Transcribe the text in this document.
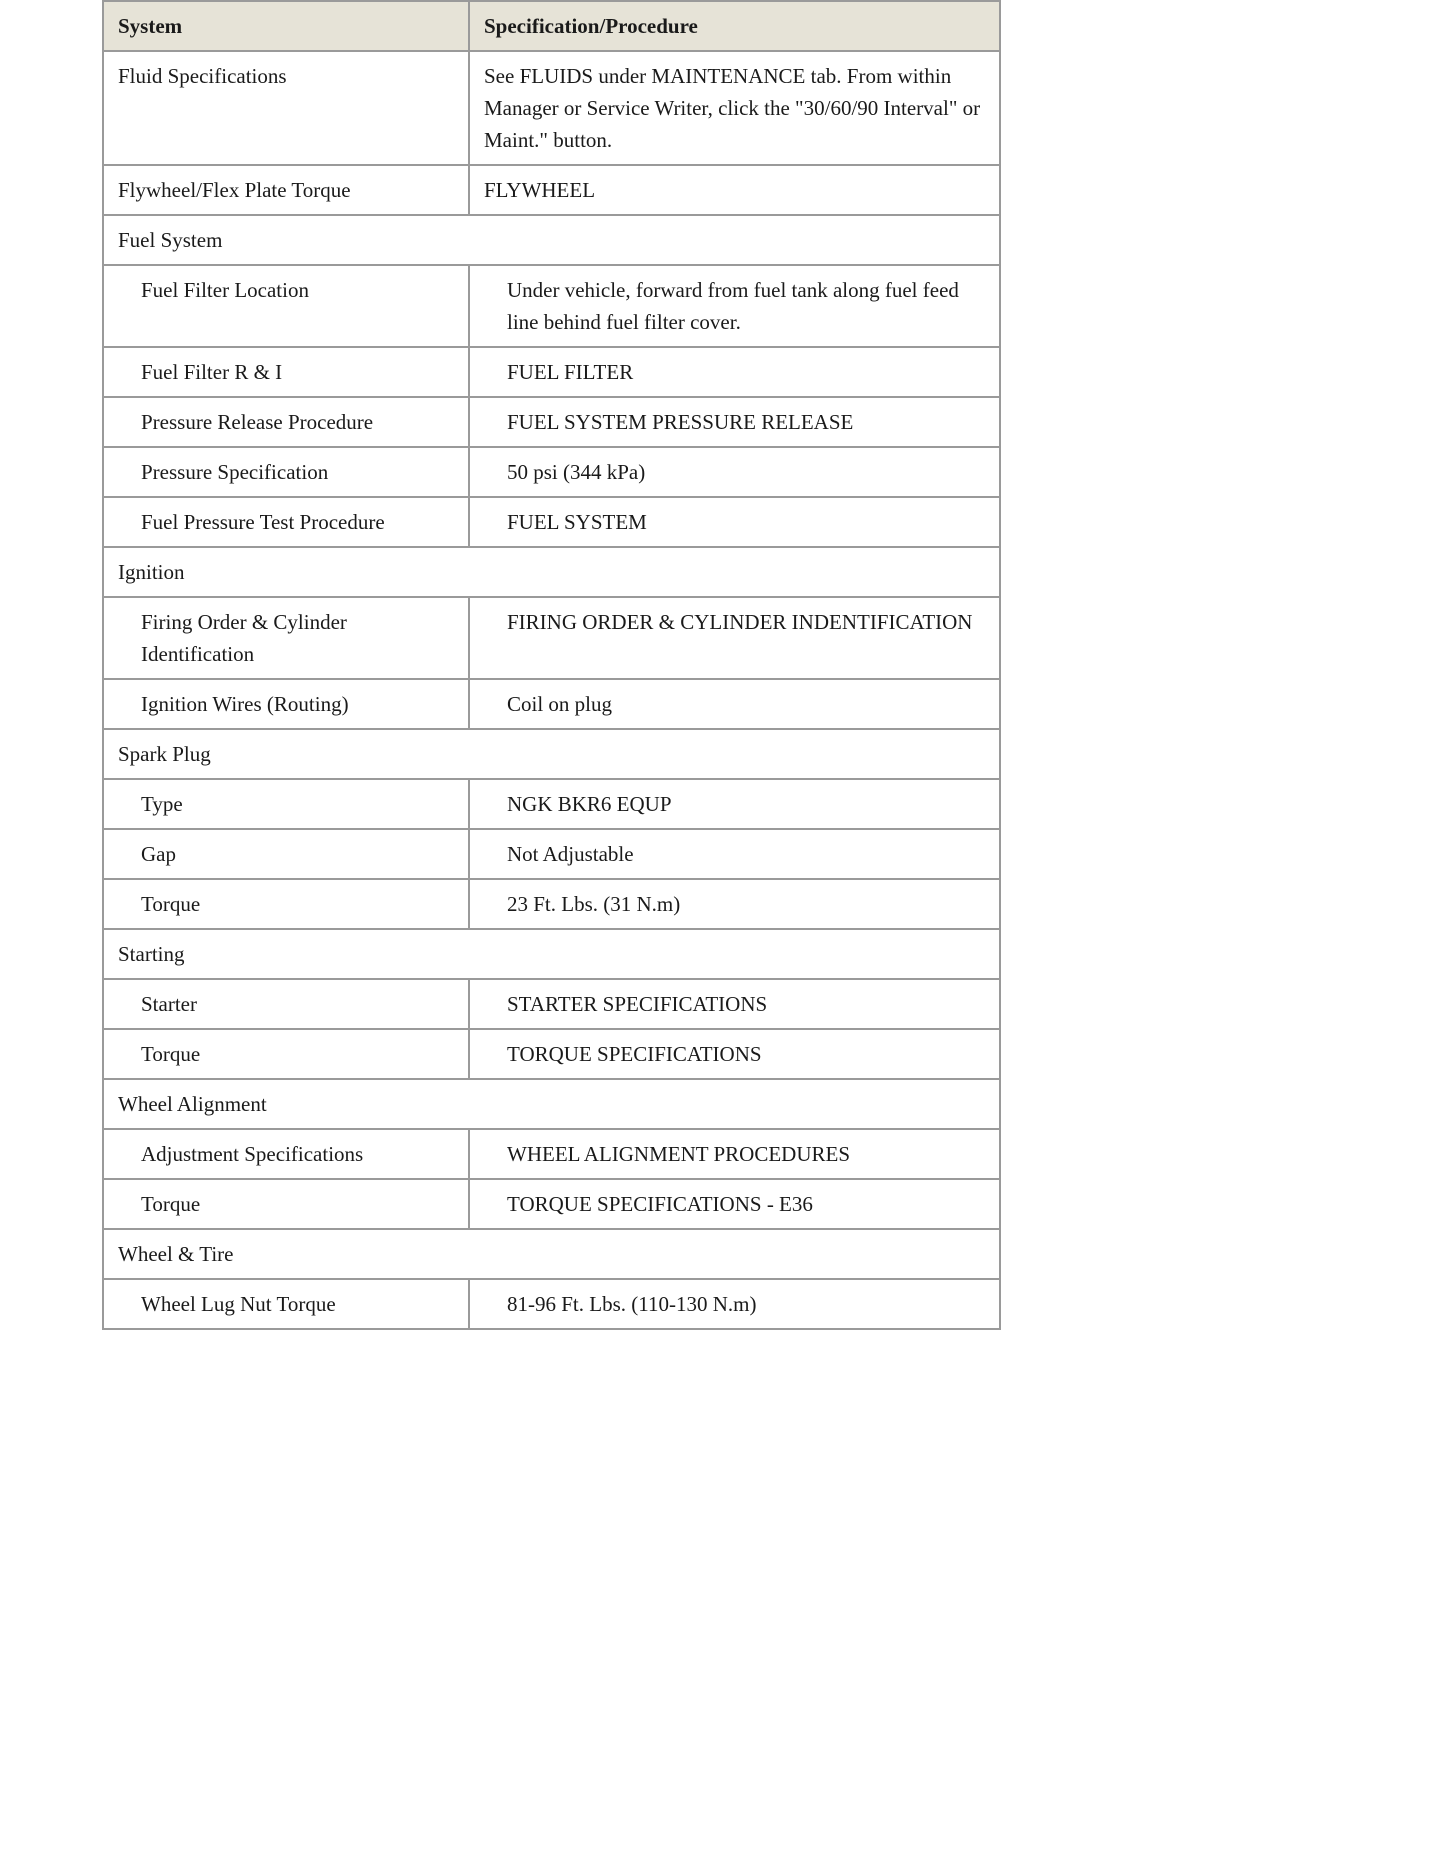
System	Specification/Procedure
Fluid Specifications	See FLUIDS under MAINTENANCE tab. From within Manager or Service Writer, click the "30/60/90 Interval" or Maint." button.
Flywheel/Flex Plate Torque	FLYWHEEL
Fuel System	
Fuel Filter Location	Under vehicle, forward from fuel tank along fuel feed line behind fuel filter cover.
Fuel Filter R & I	FUEL FILTER
Pressure Release Procedure	FUEL SYSTEM PRESSURE RELEASE
Pressure Specification	50 psi (344 kPa)
Fuel Pressure Test Procedure	FUEL SYSTEM
Ignition	
Firing Order & Cylinder Identification	FIRING ORDER & CYLINDER INDENTIFICATION
Ignition Wires (Routing)	Coil on plug
Spark Plug	
Type	NGK BKR6 EQUP
Gap	Not Adjustable
Torque	23 Ft. Lbs. (31 N.m)
Starting	
Starter	STARTER SPECIFICATIONS
Torque	TORQUE SPECIFICATIONS
Wheel Alignment	
Adjustment Specifications	WHEEL ALIGNMENT PROCEDURES
Torque	TORQUE SPECIFICATIONS - E36
Wheel & Tire	
Wheel Lug Nut Torque	81-96 Ft. Lbs. (110-130 N.m)
